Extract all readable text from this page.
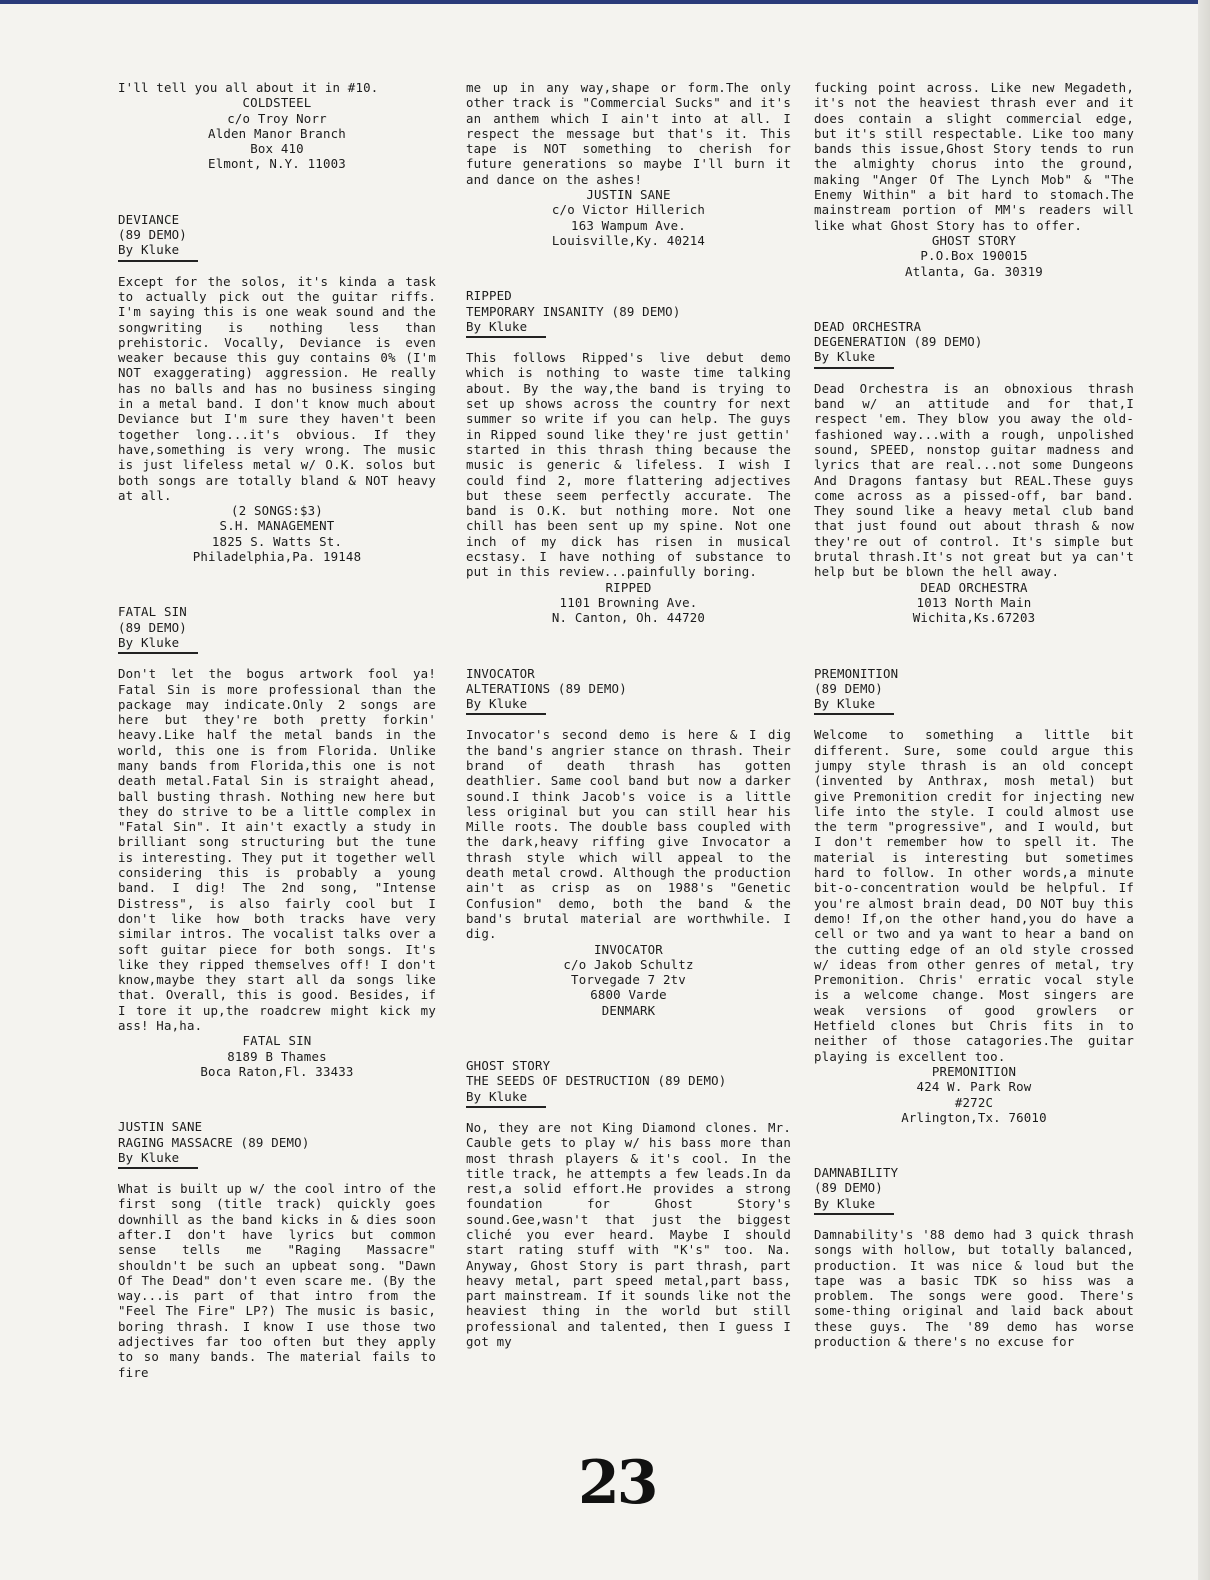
I'll tell you all about it in #10.
COLDSTEEL
c/o Troy Norr
Alden Manor Branch
Box 410
Elmont, N.Y. 11003
DEVIANCE
(89 DEMO)
By Kluke
Except for the solos, it's kinda a task to actually pick out the guitar riffs. I'm saying this is one weak sound and the songwriting is nothing less than prehistoric. Vocally, Deviance is even weaker because this guy contains 0% (I'm NOT exaggerating) aggression. He really has no balls and has no business singing in a metal band. I don't know much about Deviance but I'm sure they haven't been together long...it's obvious. If they have,something is very wrong. The music is just lifeless metal w/ O.K. solos but both songs are totally bland & NOT heavy at all.
(2 SONGS:$3)
S.H. MANAGEMENT
1825 S. Watts St.
Philadelphia,Pa. 19148
FATAL SIN
(89 DEMO)
By Kluke
Don't let the bogus artwork fool ya! Fatal Sin is more professional than the package may indicate.Only 2 songs are here but they're both pretty forkin' heavy.Like half the metal bands in the world, this one is from Florida. Unlike many bands from Florida,this one is not death metal.Fatal Sin is straight ahead, ball busting thrash. Nothing new here but they do strive to be a little complex in "Fatal Sin". It ain't exactly a study in brilliant song structuring but the tune is interesting. They put it together well considering this is probably a young band. I dig! The 2nd song, "Intense Distress", is also fairly cool but I don't like how both tracks have very similar intros. The vocalist talks over a soft guitar piece for both songs. It's like they ripped themselves off! I don't know,maybe they start all da songs like that. Overall, this is good. Besides, if I tore it up,the roadcrew might kick my ass! Ha,ha.
FATAL SIN
8189 B Thames
Boca Raton,Fl. 33433
JUSTIN SANE
RAGING MASSACRE (89 DEMO)
By Kluke
What is built up w/ the cool intro of the first song (title track) quickly goes downhill as the band kicks in & dies soon after.I don't have lyrics but common sense tells me "Raging Massacre" shouldn't be such an upbeat song. "Dawn Of The Dead" don't even scare me. (By the way...is part of that intro from the "Feel The Fire" LP?) The music is basic, boring thrash. I know I use those two adjectives far too often but they apply to so many bands. The material fails to fire
me up in any way,shape or form.The only other track is "Commercial Sucks" and it's an anthem which I ain't into at all. I respect the message but that's it. This tape is NOT something to cherish for future generations so maybe I'll burn it and dance on the ashes!
JUSTIN SANE
c/o Victor Hillerich
163 Wampum Ave.
Louisville,Ky. 40214
RIPPED
TEMPORARY INSANITY (89 DEMO)
By Kluke
This follows Ripped's live debut demo which is nothing to waste time talking about. By the way,the band is trying to set up shows across the country for next summer so write if you can help. The guys in Ripped sound like they're just gettin' started in this thrash thing because the music is generic & lifeless. I wish I could find 2, more flattering adjectives but these seem perfectly accurate. The band is O.K. but nothing more. Not one chill has been sent up my spine. Not one inch of my dick has risen in musical ecstasy. I have nothing of substance to put in this review...painfully boring.
RIPPED
1101 Browning Ave.
N. Canton, Oh. 44720
INVOCATOR
ALTERATIONS (89 DEMO)
By Kluke
Invocator's second demo is here & I dig the band's angrier stance on thrash. Their brand of death thrash has gotten deathlier. Same cool band but now a darker sound.I think Jacob's voice is a little less original but you can still hear his Mille roots. The double bass coupled with the dark,heavy riffing give Invocator a thrash style which will appeal to the death metal crowd. Although the production ain't as crisp as on 1988's "Genetic Confusion" demo, both the band & the band's brutal material are worthwhile. I dig.
INVOCATOR
c/o Jakob Schultz
Torvegade 7 2tv
6800 Varde
DENMARK
GHOST STORY
THE SEEDS OF DESTRUCTION (89 DEMO)
By Kluke
No, they are not King Diamond clones. Mr. Cauble gets to play w/ his bass more than most thrash players & it's cool. In the title track, he attempts a few leads.In da rest,a solid effort.He provides a strong foundation for Ghost Story's sound.Gee,wasn't that just the biggest cliché you ever heard. Maybe I should start rating stuff with "K's" too. Na. Anyway, Ghost Story is part thrash, part heavy metal, part speed metal,part bass, part mainstream. If it sounds like not the heaviest thing in the world but still professional and talented, then I guess I got my
fucking point across. Like new Megadeth, it's not the heaviest thrash ever and it does contain a slight commercial edge, but it's still respectable. Like too many bands this issue,Ghost Story tends to run the almighty chorus into the ground, making "Anger Of The Lynch Mob" & "The Enemy Within" a bit hard to stomach.The mainstream portion of MM's readers will like what Ghost Story has to offer.
GHOST STORY
P.O.Box 190015
Atlanta, Ga. 30319
DEAD ORCHESTRA
DEGENERATION (89 DEMO)
By Kluke
Dead Orchestra is an obnoxious thrash band w/ an attitude and for that,I respect 'em. They blow you away the old-fashioned way...with a rough, unpolished sound, SPEED, nonstop guitar madness and lyrics that are real...not some Dungeons And Dragons fantasy but REAL.These guys come across as a pissed-off, bar band. They sound like a heavy metal club band that just found out about thrash & now they're out of control. It's simple but brutal thrash.It's not great but ya can't help but be blown the hell away.
DEAD ORCHESTRA
1013 North Main
Wichita,Ks.67203
PREMONITION
(89 DEMO)
By Kluke
Welcome to something a little bit different. Sure, some could argue this jumpy style thrash is an old concept (invented by Anthrax, mosh metal) but give Premonition credit for injecting new life into the style. I could almost use the term "progressive", and I would, but I don't remember how to spell it. The material is interesting but sometimes hard to follow. In other words,a minute bit-o-concentration would be helpful. If you're almost brain dead, DO NOT buy this demo! If,on the other hand,you do have a cell or two and ya want to hear a band on the cutting edge of an old style crossed w/ ideas from other genres of metal, try Premonition. Chris' erratic vocal style is a welcome change. Most singers are weak versions of good growlers or Hetfield clones but Chris fits in to neither of those catagories.The guitar playing is excellent too.
PREMONITION
424 W. Park Row
#272C
Arlington,Tx. 76010
DAMNABILITY
(89 DEMO)
By Kluke
Damnability's '88 demo had 3 quick thrash songs with hollow, but totally balanced, production. It was nice & loud but the tape was a basic TDK so hiss was a problem. The songs were good. There's some-thing original and laid back about these guys. The '89 demo has worse production & there's no excuse for
23
